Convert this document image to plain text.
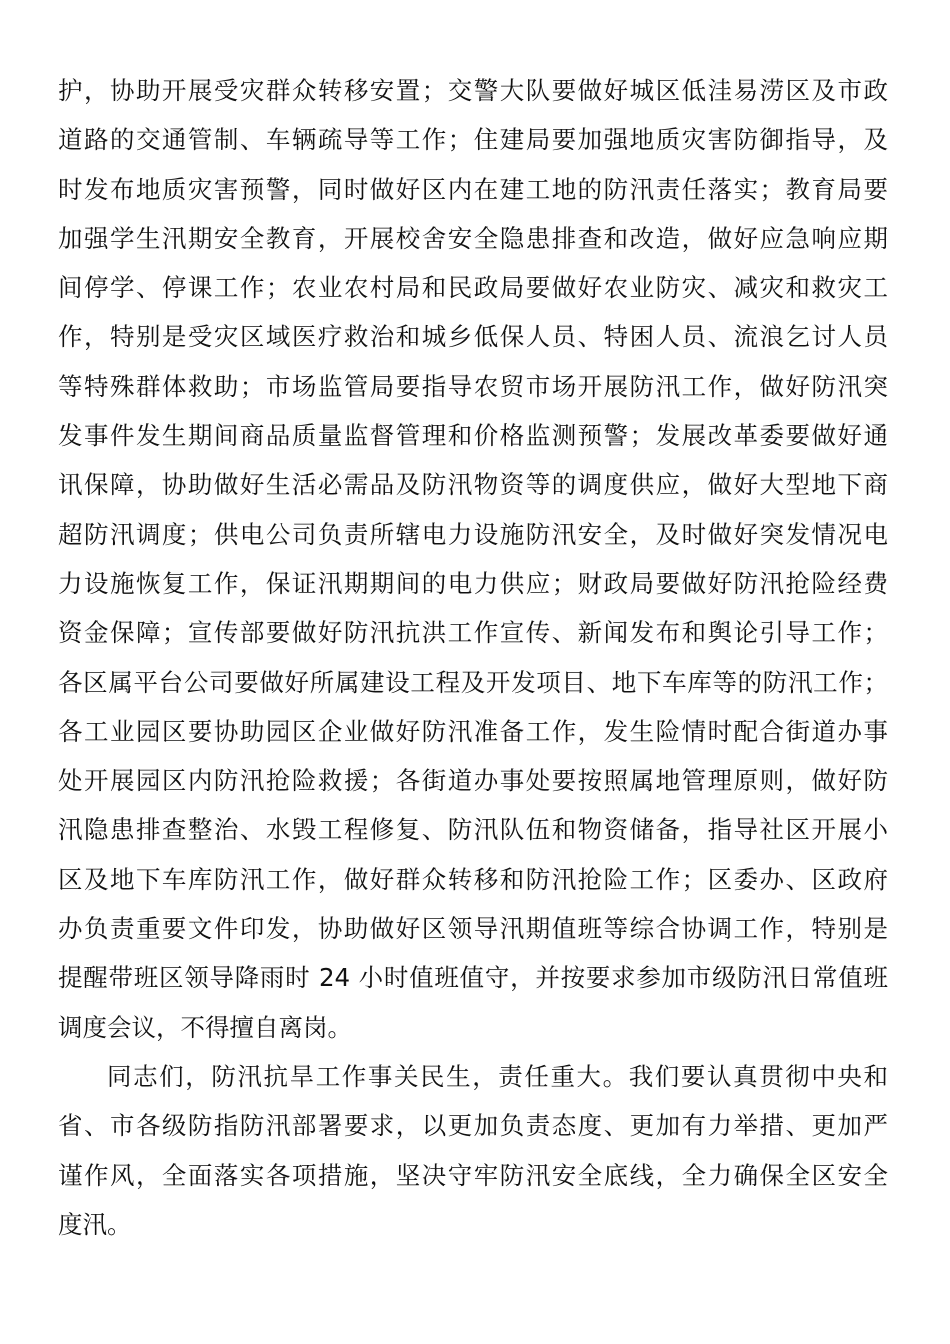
护，协助开展受灾群众转移安置；交警大队要做好城区低洼易涝区及市政
道路的交通管制、车辆疏导等工作；住建局要加强地质灾害防御指导，及
时发布地质灾害预警，同时做好区内在建工地的防汛责任落实；教育局要
加强学生汛期安全教育，开展校舍安全隐患排查和改造，做好应急响应期
间停学、停课工作；农业农村局和民政局要做好农业防灾、减灾和救灾工
作，特别是受灾区域医疗救治和城乡低保人员、特困人员、流浪乞讨人员
等特殊群体救助；市场监管局要指导农贸市场开展防汛工作，做好防汛突
发事件发生期间商品质量监督管理和价格监测预警；发展改革委要做好通
讯保障，协助做好生活必需品及防汛物资等的调度供应，做好大型地下商
超防汛调度；供电公司负责所辖电力设施防汛安全，及时做好突发情况电
力设施恢复工作，保证汛期期间的电力供应；财政局要做好防汛抢险经费
资金保障；宣传部要做好防汛抗洪工作宣传、新闻发布和舆论引导工作；
各区属平台公司要做好所属建设工程及开发项目、地下车库等的防汛工作；
各工业园区要协助园区企业做好防汛准备工作，发生险情时配合街道办事
处开展园区内防汛抢险救援；各街道办事处要按照属地管理原则，做好防
汛隐患排查整治、水毁工程修复、防汛队伍和物资储备，指导社区开展小
区及地下车库防汛工作，做好群众转移和防汛抢险工作；区委办、区政府
办负责重要文件印发，协助做好区领导汛期值班等综合协调工作，特别是
提醒带班区领导降雨时 24 小时值班值守，并按要求参加市级防汛日常值班
调度会议，不得擅自离岗。
同志们，防汛抗旱工作事关民生，责任重大。我们要认真贯彻中央和
省、市各级防指防汛部署要求，以更加负责态度、更加有力举措、更加严
谨作风，全面落实各项措施，坚决守牢防汛安全底线，全力确保全区安全
度汛。
